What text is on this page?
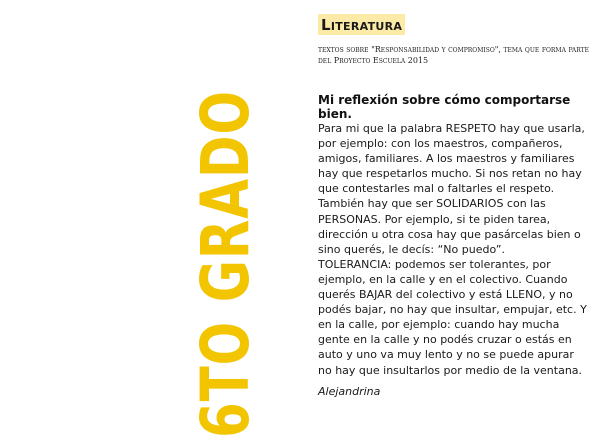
6TO GRADO
Literatura
textos sobre "Responsabilidad y compromiso", tema que forma parte del Proyecto Escuela 2015
Mi reflexión sobre cómo comportarse bien.
Para mi que la palabra RESPETO hay que usarla,
por ejemplo: con los maestros, compañeros,
amigos, familiares. A los maestros y familiares
hay que respetarlos mucho. Si nos retan no hay
que contestarles mal o faltarles el respeto.
También hay que ser SOLIDARIOS con las
PERSONAS. Por ejemplo, si te piden tarea,
dirección u otra cosa hay que pasárcelas bien o
sino querés, le decís: “No puedo”.
TOLERANCIA: podemos ser tolerantes, por
ejemplo, en la calle y en el colectivo. Cuando
querés BAJAR del colectivo y está LLENO, y no
podés bajar, no hay que insultar, empujar, etc. Y
en la calle, por ejemplo: cuando hay mucha
gente en la calle y no podés cruzar o estás en
auto y uno va muy lento y no se puede apurar
no hay que insultarlos por medio de la ventana.
Alejandrina
